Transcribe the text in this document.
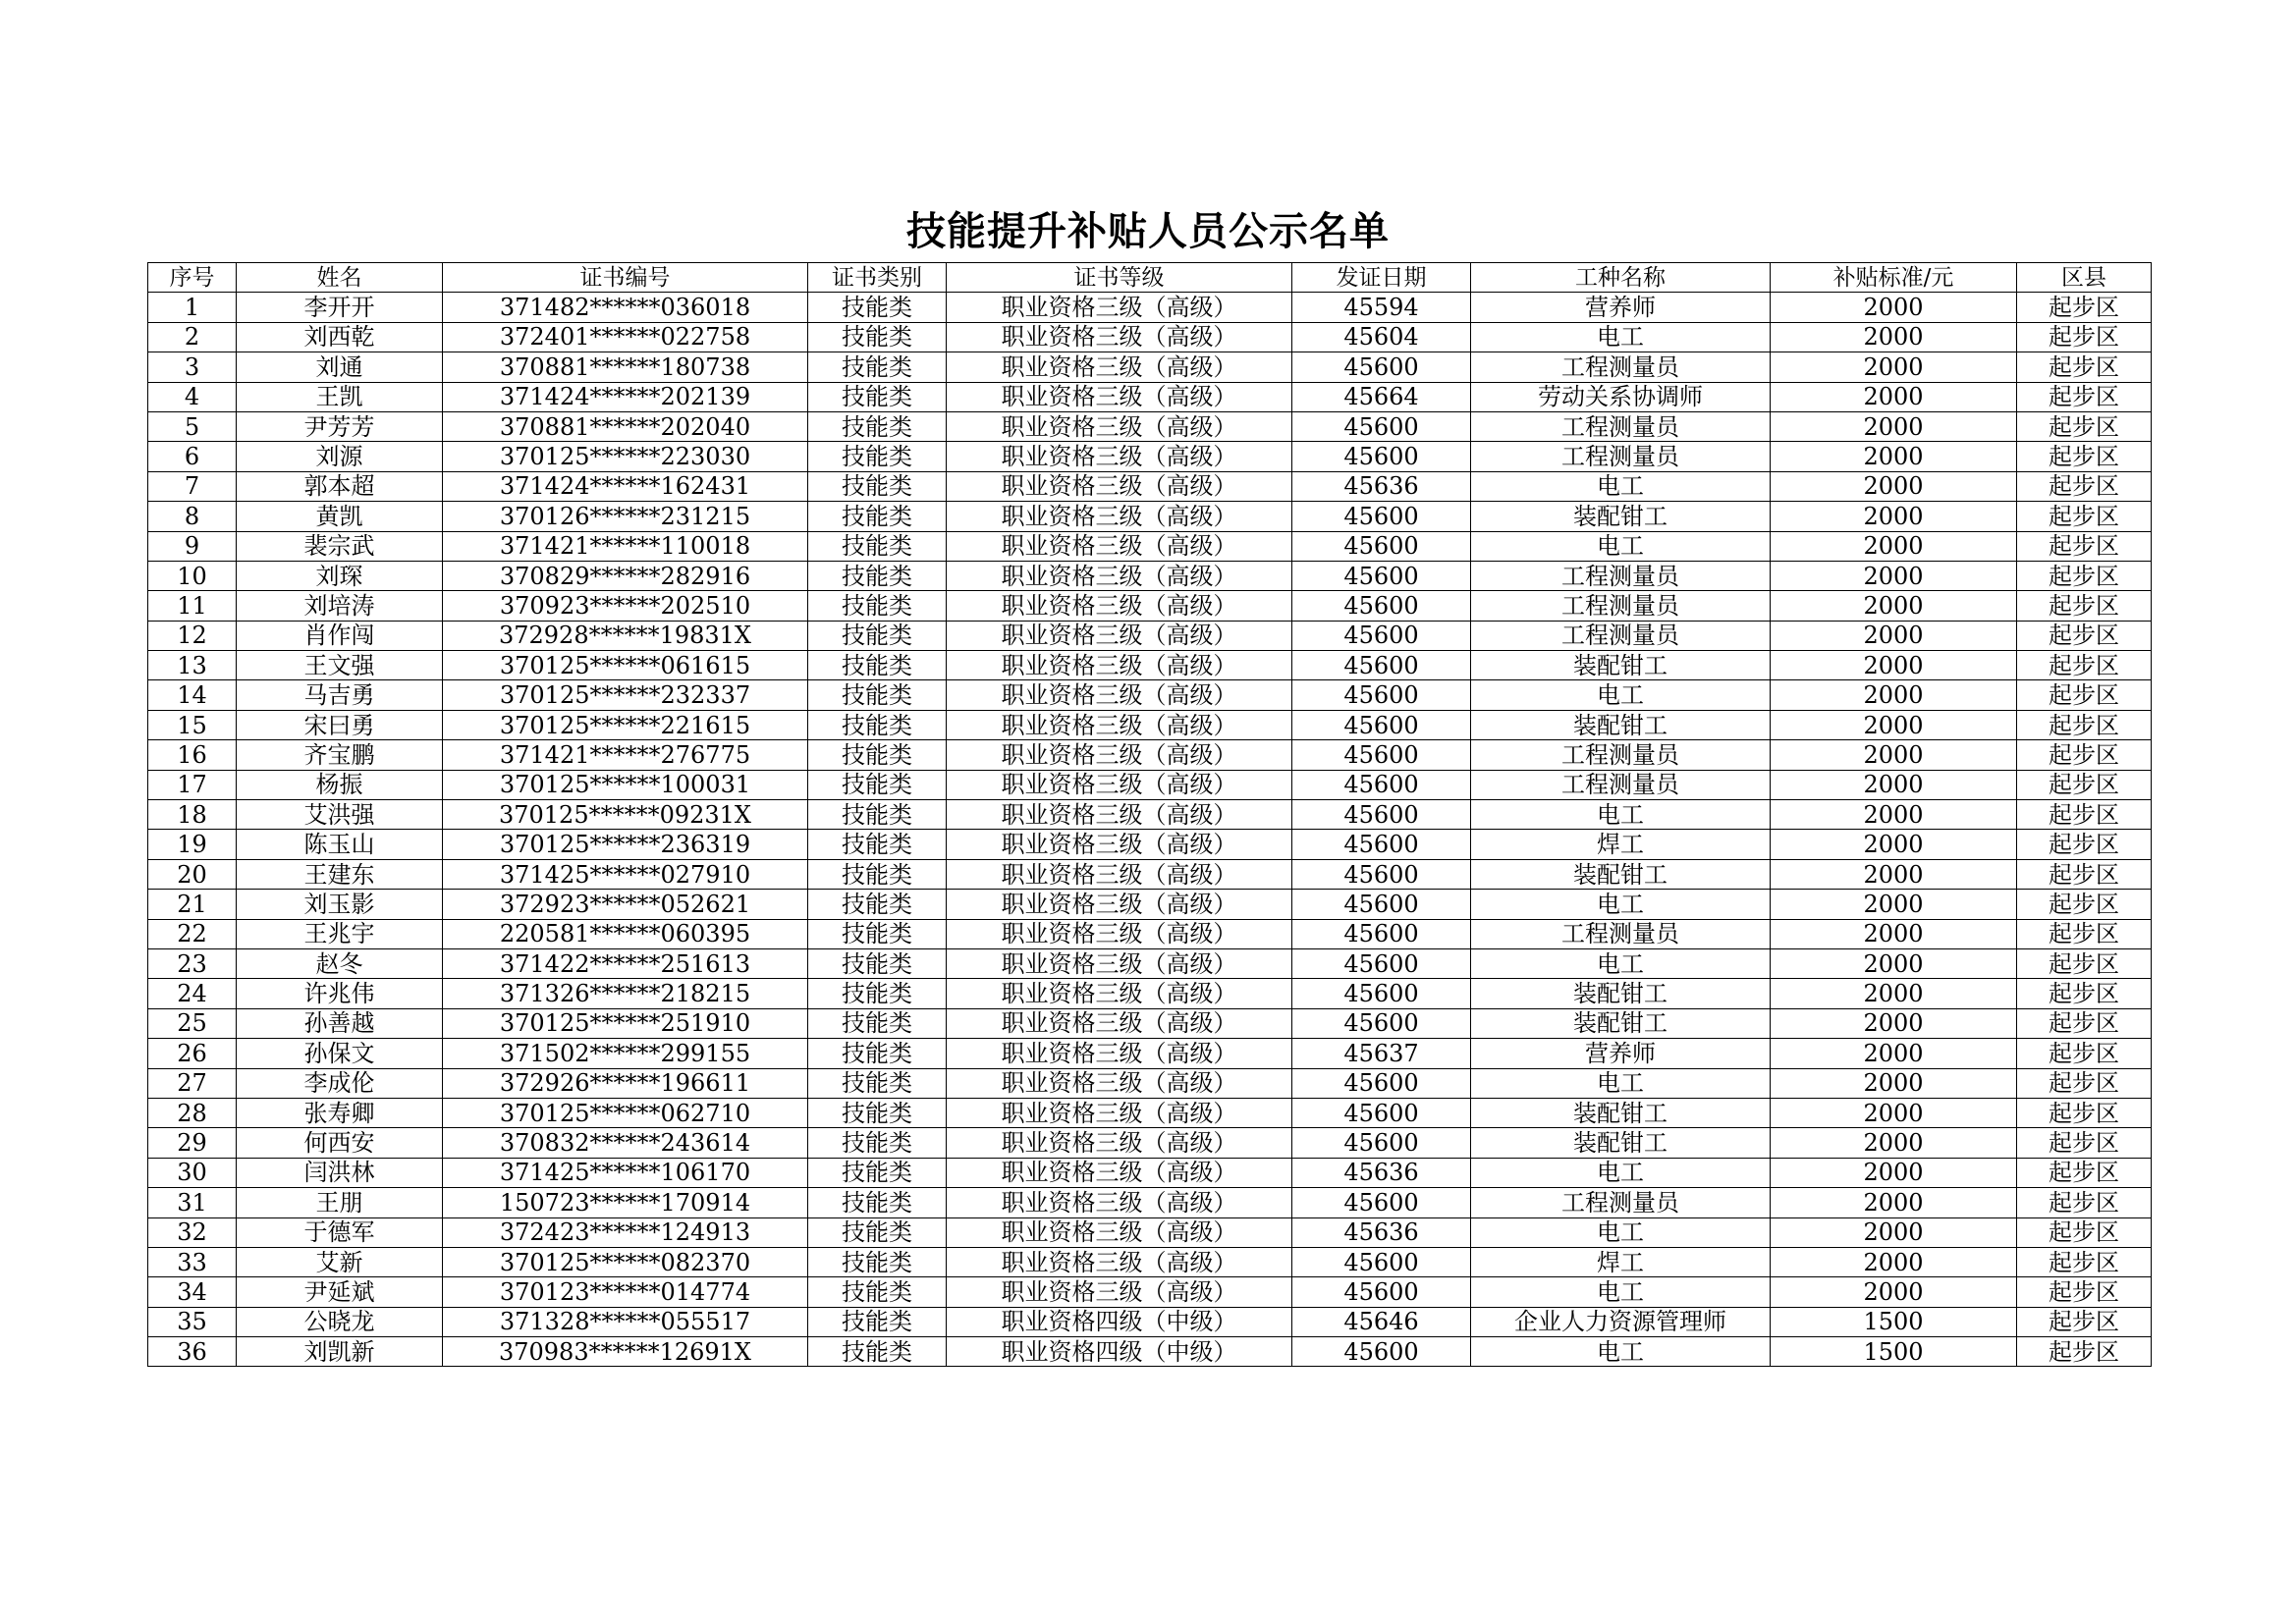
技能提升补贴人员公示名单
序号	姓名	证书编号	证书类别	证书等级	发证日期	工种名称	补贴标准/元	区县
1	李开开	371482******036018	技能类	职业资格三级（高级）	45594	营养师	2000	起步区
2	刘西乾	372401******022758	技能类	职业资格三级（高级）	45604	电工	2000	起步区
3	刘通	370881******180738	技能类	职业资格三级（高级）	45600	工程测量员	2000	起步区
4	王凯	371424******202139	技能类	职业资格三级（高级）	45664	劳动关系协调师	2000	起步区
5	尹芳芳	370881******202040	技能类	职业资格三级（高级）	45600	工程测量员	2000	起步区
6	刘源	370125******223030	技能类	职业资格三级（高级）	45600	工程测量员	2000	起步区
7	郭本超	371424******162431	技能类	职业资格三级（高级）	45636	电工	2000	起步区
8	黄凯	370126******231215	技能类	职业资格三级（高级）	45600	装配钳工	2000	起步区
9	裴宗武	371421******110018	技能类	职业资格三级（高级）	45600	电工	2000	起步区
10	刘琛	370829******282916	技能类	职业资格三级（高级）	45600	工程测量员	2000	起步区
11	刘培涛	370923******202510	技能类	职业资格三级（高级）	45600	工程测量员	2000	起步区
12	肖作闯	372928******19831X	技能类	职业资格三级（高级）	45600	工程测量员	2000	起步区
13	王文强	370125******061615	技能类	职业资格三级（高级）	45600	装配钳工	2000	起步区
14	马吉勇	370125******232337	技能类	职业资格三级（高级）	45600	电工	2000	起步区
15	宋曰勇	370125******221615	技能类	职业资格三级（高级）	45600	装配钳工	2000	起步区
16	齐宝鹏	371421******276775	技能类	职业资格三级（高级）	45600	工程测量员	2000	起步区
17	杨振	370125******100031	技能类	职业资格三级（高级）	45600	工程测量员	2000	起步区
18	艾洪强	370125******09231X	技能类	职业资格三级（高级）	45600	电工	2000	起步区
19	陈玉山	370125******236319	技能类	职业资格三级（高级）	45600	焊工	2000	起步区
20	王建东	371425******027910	技能类	职业资格三级（高级）	45600	装配钳工	2000	起步区
21	刘玉影	372923******052621	技能类	职业资格三级（高级）	45600	电工	2000	起步区
22	王兆宇	220581******060395	技能类	职业资格三级（高级）	45600	工程测量员	2000	起步区
23	赵冬	371422******251613	技能类	职业资格三级（高级）	45600	电工	2000	起步区
24	许兆伟	371326******218215	技能类	职业资格三级（高级）	45600	装配钳工	2000	起步区
25	孙善越	370125******251910	技能类	职业资格三级（高级）	45600	装配钳工	2000	起步区
26	孙保文	371502******299155	技能类	职业资格三级（高级）	45637	营养师	2000	起步区
27	李成伦	372926******196611	技能类	职业资格三级（高级）	45600	电工	2000	起步区
28	张寿卿	370125******062710	技能类	职业资格三级（高级）	45600	装配钳工	2000	起步区
29	何西安	370832******243614	技能类	职业资格三级（高级）	45600	装配钳工	2000	起步区
30	闫洪林	371425******106170	技能类	职业资格三级（高级）	45636	电工	2000	起步区
31	王朋	150723******170914	技能类	职业资格三级（高级）	45600	工程测量员	2000	起步区
32	于德军	372423******124913	技能类	职业资格三级（高级）	45636	电工	2000	起步区
33	艾新	370125******082370	技能类	职业资格三级（高级）	45600	焊工	2000	起步区
34	尹延斌	370123******014774	技能类	职业资格三级（高级）	45600	电工	2000	起步区
35	公晓龙	371328******055517	技能类	职业资格四级（中级）	45646	企业人力资源管理师	1500	起步区
36	刘凯新	370983******12691X	技能类	职业资格四级（中级）	45600	电工	1500	起步区
